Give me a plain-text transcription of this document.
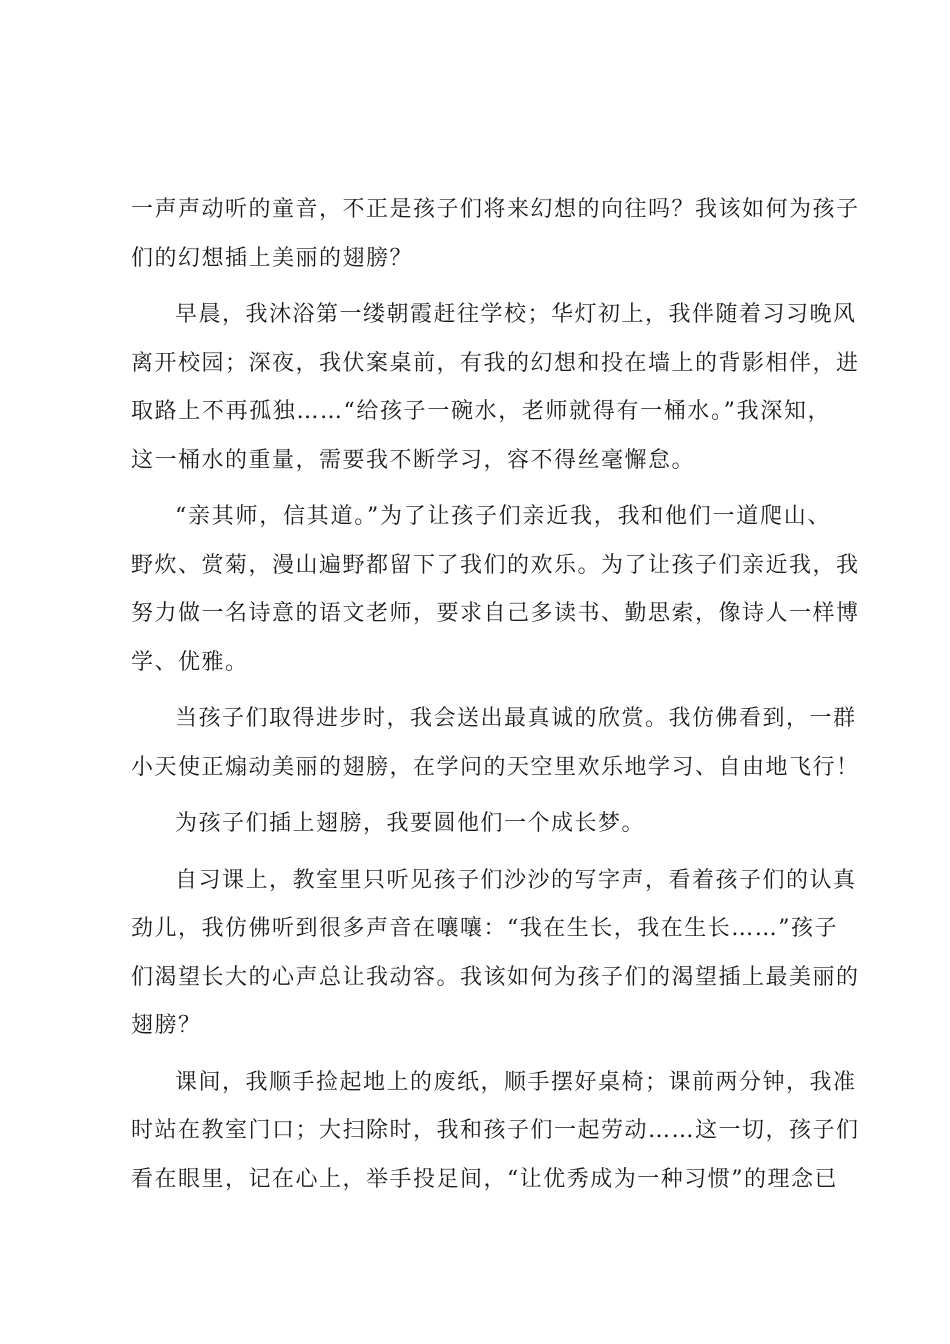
一声声动听的童音，不正是孩子们将来幻想的向往吗？我该如何为孩子
们的幻想插上美丽的翅膀？
早晨，我沐浴第一缕朝霞赶往学校；华灯初上，我伴随着习习晚风
离开校园；深夜，我伏案桌前，有我的幻想和投在墙上的背影相伴，进
取路上不再孤独……“给孩子一碗水，老师就得有一桶水。”我深知，
这一桶水的重量，需要我不断学习，容不得丝毫懈怠。
“亲其师，信其道。”为了让孩子们亲近我，我和他们一道爬山、
野炊、赏菊，漫山遍野都留下了我们的欢乐。为了让孩子们亲近我，我
努力做一名诗意的语文老师，要求自己多读书、勤思索，像诗人一样博
学、优雅。
当孩子们取得进步时，我会送出最真诚的欣赏。我仿佛看到，一群
小天使正煽动美丽的翅膀，在学问的天空里欢乐地学习、自由地飞行！
为孩子们插上翅膀，我要圆他们一个成长梦。
自习课上，教室里只听见孩子们沙沙的写字声，看着孩子们的认真
劲儿，我仿佛听到很多声音在嚷嚷：“我在生长，我在生长……”孩子
们渴望长大的心声总让我动容。我该如何为孩子们的渴望插上最美丽的
翅膀？
课间，我顺手捡起地上的废纸，顺手摆好桌椅；课前两分钟，我准
时站在教室门口；大扫除时，我和孩子们一起劳动……这一切，孩子们
看在眼里，记在心上，举手投足间，“让优秀成为一种习惯”的理念已
